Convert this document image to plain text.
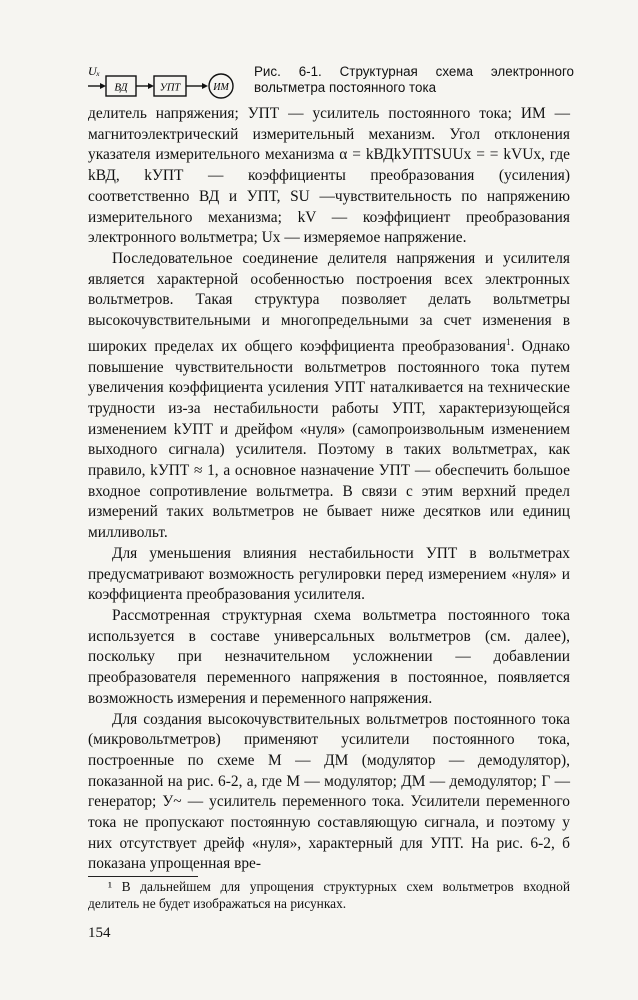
Uₓ
ВД	УПТ	ИМ
Рис. 6-1. Структурная схема электронного вольтметра постоянного тока

делитель напряжения; УПТ — усилитель постоянного тока; ИМ — магнитоэлектрический измерительный механизм. Угол отклонения указателя измерительного механизма α = kВДkУПТSUUx = = kVUx, где kВД, kУПТ — коэффициенты преобразования (усиления) соответственно ВД и УПТ, SU —чувствительность по напряжению измерительного механизма; kV — коэффициент преобразования электронного вольтметра; Ux — измеряемое напряжение.

Последовательное соединение делителя напряжения и усилителя является характерной особенностью построения всех электронных вольтметров. Такая структура позволяет делать вольтметры высокочувствительными и многопредельными за счет изменения в широких пределах их общего коэффициента преобразования$^1$. Однако повышение чувствительности вольтметров постоянного тока путем увеличения коэффициента усиления УПТ наталкивается на технические трудности из-за нестабильности работы УПТ, характеризующейся изменением kУПТ и дрейфом «нуля» (самопроизвольным изменением выходного сигнала) усилителя. Поэтому в таких вольтметрах, как правило, kУПТ ≈ 1, а основное назначение УПТ — обеспечить большое входное сопротивление вольтметра. В связи с этим верхний предел измерений таких вольтметров не бывает ниже десятков или единиц милливольт.

Для уменьшения влияния нестабильности УПТ в вольтметрах предусматривают возможность регулировки перед измерением «нуля» и коэффициента преобразования усилителя.

Рассмотренная структурная схема вольтметра постоянного тока используется в составе универсальных вольтметров (см. далее), поскольку при незначительном усложнении — добавлении преобразователя переменного напряжения в постоянное, появляется возможность измерения и переменного напряжения.

Для создания высокочувствительных вольтметров постоянного тока (микровольтметров) применяют усилители постоянного тока, построенные по схеме М — ДМ (модулятор — демодулятор), показанной на рис. 6-2, а, где М — модулятор; ДМ — демодулятор; Г — генератор; У~ — усилитель переменного тока. Усилители переменного тока не пропускают постоянную составляющую сигнала, и поэтому у них отсутствует дрейф «нуля», характерный для УПТ. На рис. 6-2, б показана упрощенная вре-

¹ В дальнейшем для упрощения структурных схем вольтметров входной делитель не будет изображаться на рисунках.
154
